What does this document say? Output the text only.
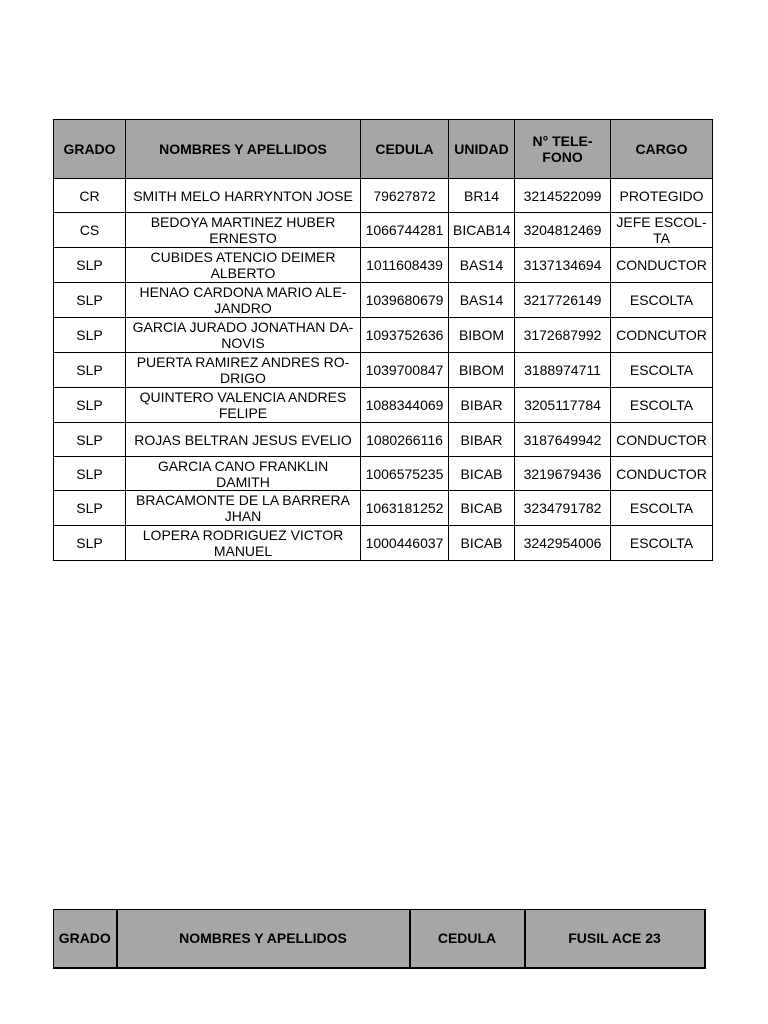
GRADO	NOMBRES Y APELLIDOS	CEDULA	UNIDAD	N° TELE-FONO	CARGO
CR	SMITH MELO HARRYNTON JOSE	79627872	BR14	3214522099	PROTEGIDO
CS	BEDOYA MARTINEZ HUBER ERNESTO	1066744281	BICAB14	3204812469	JEFE ESCOL-TA
SLP	CUBIDES ATENCIO DEIMER ALBERTO	1011608439	BAS14	3137134694	CONDUCTOR
SLP	HENAO CARDONA MARIO ALE-JANDRO	1039680679	BAS14	3217726149	ESCOLTA
SLP	GARCIA JURADO JONATHAN DA-NOVIS	1093752636	BIBOM	3172687992	CODNCUTOR
SLP	PUERTA RAMIREZ ANDRES RO-DRIGO	1039700847	BIBOM	3188974711	ESCOLTA
SLP	QUINTERO VALENCIA ANDRES FELIPE	1088344069	BIBAR	3205117784	ESCOLTA
SLP	ROJAS BELTRAN JESUS EVELIO	1080266116	BIBAR	3187649942	CONDUCTOR
SLP	GARCIA CANO FRANKLIN DAMITH	1006575235	BICAB	3219679436	CONDUCTOR
SLP	BRACAMONTE DE LA BARRERA JHAN	1063181252	BICAB	3234791782	ESCOLTA
SLP	LOPERA RODRIGUEZ VICTOR MANUEL	1000446037	BICAB	3242954006	ESCOLTA
GRADO	NOMBRES Y APELLIDOS	CEDULA	FUSIL ACE 23
